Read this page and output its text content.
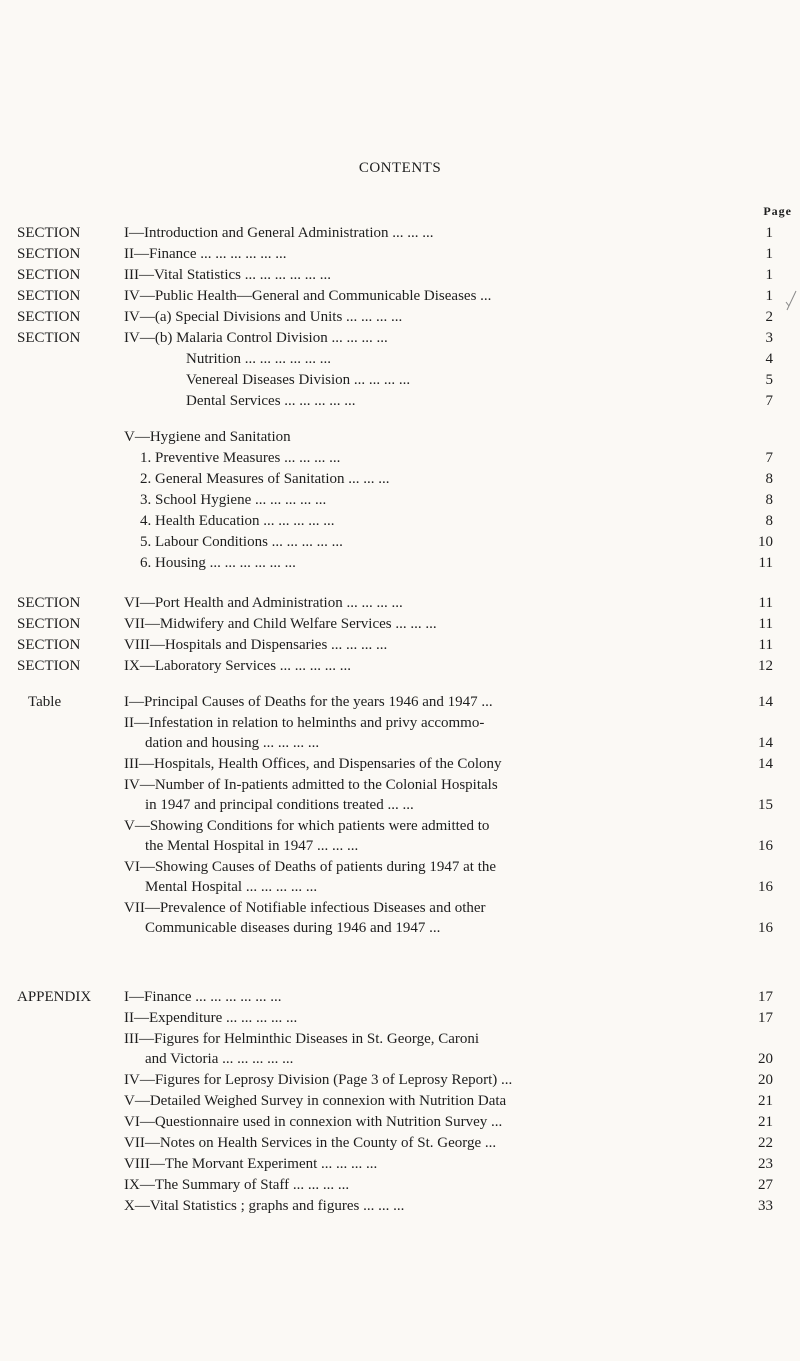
CONTENTS
Page
SECTION	I—Introduction and General Administration ... ... ...	1
SECTION	II—Finance ... ... ... ... ... ...	1
SECTION	III—Vital Statistics ... ... ... ... ... ...	1
SECTION	IV—Public Health—General and Communicable Diseases ...	1
SECTION	IV—(a) Special Divisions and Units ... ... ... ...	2
SECTION	IV—(b) Malaria Control Division ... ... ... ...	3
Nutrition ... ... ... ... ... ...	4
Venereal Diseases Division ... ... ... ...	5
Dental Services ... ... ... ... ...	7
V—Hygiene and Sanitation
1. Preventive Measures ... ... ... ...	7
2. General Measures of Sanitation ... ... ...	8
3. School Hygiene ... ... ... ... ...	8
4. Health Education ... ... ... ... ...	8
5. Labour Conditions ... ... ... ... ...	10
6. Housing ... ... ... ... ... ...	11
SECTION	VI—Port Health and Administration ... ... ... ...	11
SECTION	VII—Midwifery and Child Welfare Services ... ... ...	11
SECTION	VIII—Hospitals and Dispensaries ... ... ... ...	11
SECTION	IX—Laboratory Services ... ... ... ... ...	12
Table	I—Principal Causes of Deaths for the years 1946 and 1947 ...	14
II—Infestation in relation to helminths and privy accommo-
dation and housing ... ... ... ...	14
III—Hospitals, Health Offices, and Dispensaries of the Colony	14
IV—Number of In-patients admitted to the Colonial Hospitals
in 1947 and principal conditions treated ... ...	15
V—Showing Conditions for which patients were admitted to
the Mental Hospital in 1947 ... ... ...	16
VI—Showing Causes of Deaths of patients during 1947 at the
Mental Hospital ... ... ... ... ...	16
VII—Prevalence of Notifiable infectious Diseases and other
Communicable diseases during 1946 and 1947 ...	16
APPENDIX I—Finance ... ... ... ... ... ...	17
II—Expenditure ... ... ... ... ...	17
III—Figures for Helminthic Diseases in St. George, Caroni
and Victoria ... ... ... ... ...	20
IV—Figures for Leprosy Division (Page 3 of Leprosy Report) ...	20
V—Detailed Weighed Survey in connexion with Nutrition Data	21
VI—Questionnaire used in connexion with Nutrition Survey ...	21
VII—Notes on Health Services in the County of St. George ...	22
VIII—The Morvant Experiment ... ... ... ...	23
IX—The Summary of Staff ... ... ... ...	27
X—Vital Statistics ; graphs and figures ... ... ...	33
